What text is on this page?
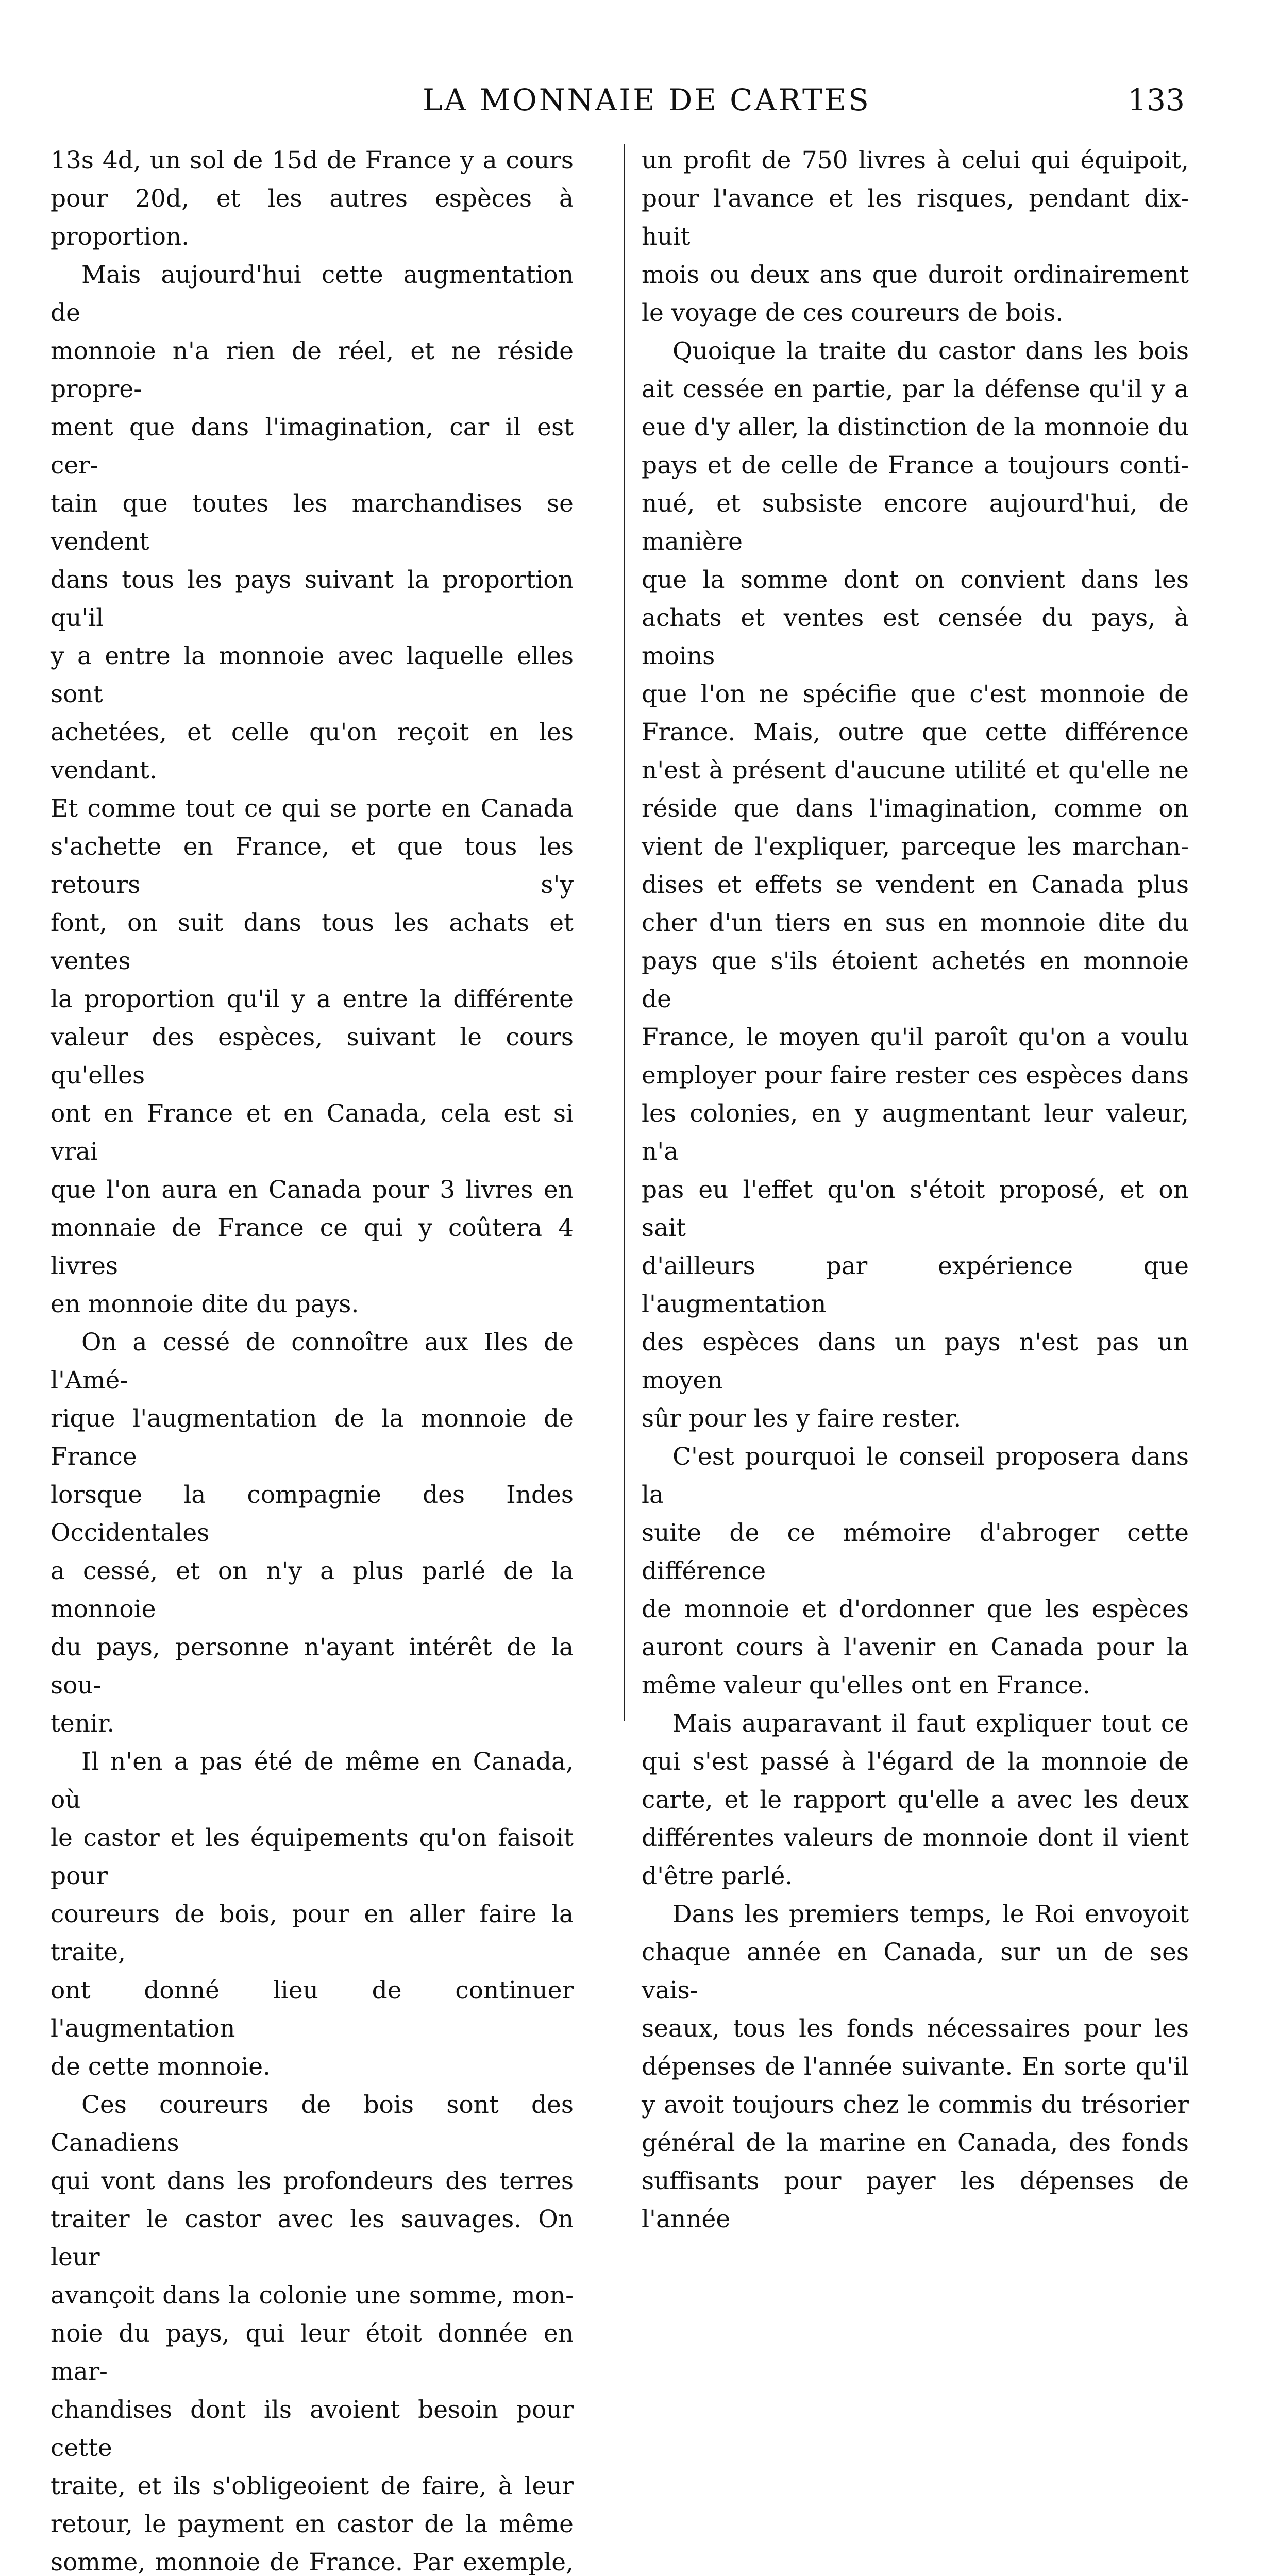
LA MONNAIE DE CARTES	133

13s 4d, un sol de 15d de France y a cours

pour 20d, et les autres espèces à proportion.

Mais aujourd'hui cette augmentation de

monnoie n'a rien de réel, et ne réside propre-

ment que dans l'imagination, car il est cer-

tain que toutes les marchandises se vendent

dans tous les pays suivant la proportion qu'il

y a entre la monnoie avec laquelle elles sont

achetées, et celle qu'on reçoit en les vendant.

Et comme tout ce qui se porte en Canada

s'achette en France, et que tous les retours s'y

font, on suit dans tous les achats et ventes

la proportion qu'il y a entre la différente

valeur des espèces, suivant le cours qu'elles

ont en France et en Canada, cela est si vrai

que l'on aura en Canada pour 3 livres en

monnaie de France ce qui y coûtera 4 livres

en monnoie dite du pays.

On a cessé de connoître aux Iles de l'Amé-

rique l'augmentation de la monnoie de France

lorsque la compagnie des Indes Occidentales

a cessé, et on n'y a plus parlé de la monnoie

du pays, personne n'ayant intérêt de la sou-

tenir.

Il n'en a pas été de même en Canada, où

le castor et les équipements qu'on faisoit pour

coureurs de bois, pour en aller faire la traite,

ont donné lieu de continuer l'augmentation

de cette monnoie.

Ces coureurs de bois sont des Canadiens

qui vont dans les profondeurs des terres

traiter le castor avec les sauvages. On leur

avançoit dans la colonie une somme, mon-

noie du pays, qui leur étoit donnée en mar-

chandises dont ils avoient besoin pour cette

traite, et ils s'obligeoient de faire, à leur

retour, le payment en castor de la même

somme, monnoie de France. Par exemple,

un profit de 750 livres à celui qui équipoit,

pour l'avance et les risques, pendant dix-huit

mois ou deux ans que duroit ordinairement

le voyage de ces coureurs de bois.

Quoique la traite du castor dans les bois

ait cessée en partie, par la défense qu'il y a

eue d'y aller, la distinction de la monnoie du

pays et de celle de France a toujours conti-

nué, et subsiste encore aujourd'hui, de manière

que la somme dont on convient dans les

achats et ventes est censée du pays, à moins

que l'on ne spécifie que c'est monnoie de

France. Mais, outre que cette différence

n'est à présent d'aucune utilité et qu'elle ne

réside que dans l'imagination, comme on

vient de l'expliquer, parceque les marchan-

dises et effets se vendent en Canada plus

cher d'un tiers en sus en monnoie dite du

pays que s'ils étoient achetés en monnoie de

France, le moyen qu'il paroît qu'on a voulu

employer pour faire rester ces espèces dans

les colonies, en y augmentant leur valeur, n'a

pas eu l'effet qu'on s'étoit proposé, et on sait

d'ailleurs par expérience que l'augmentation

des espèces dans un pays n'est pas un moyen

sûr pour les y faire rester.

C'est pourquoi le conseil proposera dans la

suite de ce mémoire d'abroger cette différence

de monnoie et d'ordonner que les espèces

auront cours à l'avenir en Canada pour la

même valeur qu'elles ont en France.

Mais auparavant il faut expliquer tout ce

qui s'est passé à l'égard de la monnoie de

carte, et le rapport qu'elle a avec les deux

différentes valeurs de monnoie dont il vient

d'être parlé.

Dans les premiers temps, le Roi envoyoit

chaque année en Canada, sur un de ses vais-

seaux, tous les fonds nécessaires pour les

dépenses de l'année suivante. En sorte qu'il

y avoit toujours chez le commis du trésorier

général de la marine en Canada, des fonds

suffisants pour payer les dépenses de l'année
